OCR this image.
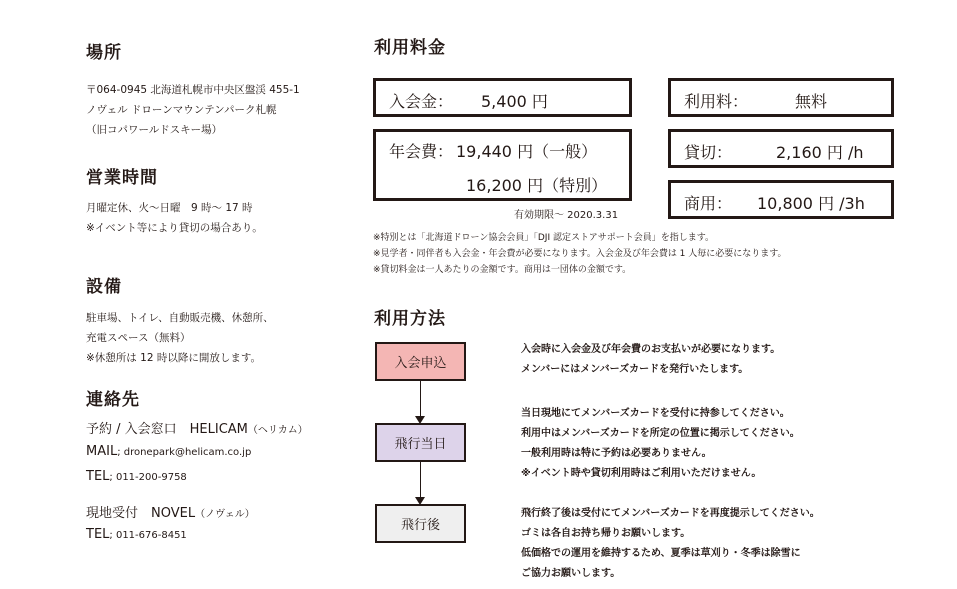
場所
〒064-0945 北海道札幌市中央区盤渓 455-1
ノヴェル ドローンマウンテンパーク札幌
（旧コパワールドスキー場）
営業時間
月曜定休、火〜日曜　9 時〜 17 時
※イベント等により貸切の場合あり。
設備
駐車場、トイレ、自動販売機、休憩所、
充電スペース（無料）
※休憩所は 12 時以降に開放します。
連絡先
予約 / 入会窓口　HELICAM（ヘリカム）
MAIL; dronepark@helicam.co.jp
TEL; 011-200-9758
現地受付　NOVEL（ノヴェル）
TEL; 011-676-8451
利用料金
入会金： 5,400 円
年会費： 19,440 円（一般）
16,200 円（特別）
有効期限〜 2020.3.31
利用料：	無料
貸切：	2,160 円 /h
商用： 10,800 円 /3h
※特別とは「北海道ドローン協会会員」「DJI 認定ストアサポート会員」を指します。
※見学者・同伴者も入会金・年会費が必要になります。入会金及び年会費は 1 人毎に必要になります。
※貸切料金は一人あたりの金額です。商用は一団体の金額です。
利用方法
入会申込
飛行当日
飛行後
入会時に入会金及び年会費のお支払いが必要になります。
メンバーにはメンバーズカードを発行いたします。
当日現地にてメンバーズカードを受付に持参してください。
利用中はメンバーズカードを所定の位置に掲示してください。
一般利用時は特に予約は必要ありません。
※イベント時や貸切利用時はご利用いただけません。
飛行終了後は受付にてメンバーズカードを再度提示してください。
ゴミは各自お持ち帰りお願いします。
低価格での運用を維持するため、夏季は草刈り・冬季は除雪に
ご協力お願いします。
